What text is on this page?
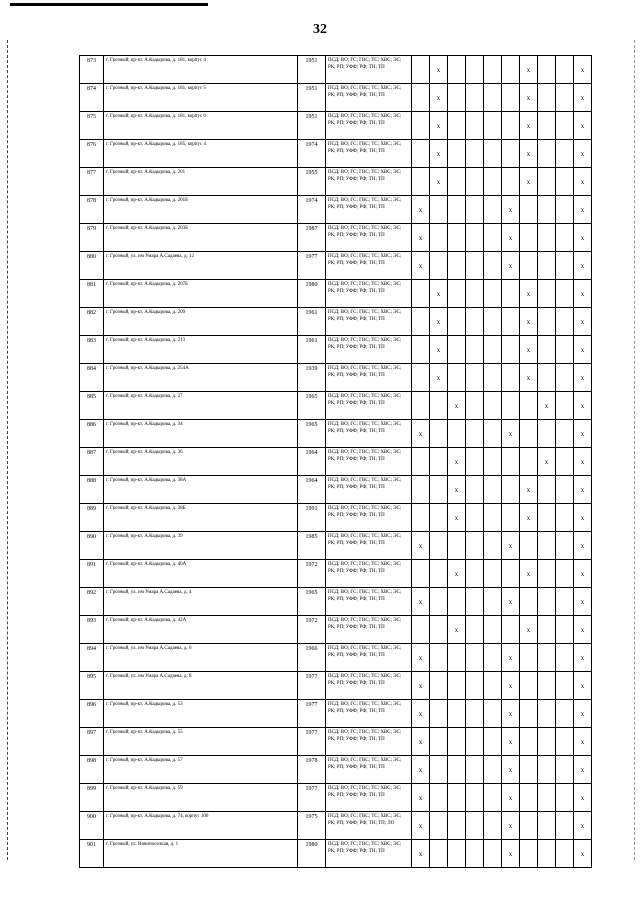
32
873	г. Грозный, пр-кт. А.Кадырова, д. 181, корпус 4	1951	ПСД; ВО; ГС; ГВС; ТС; ХВС; ЭС; РК; РП; УФФ; РФ; ТН; ТП		x					x			x
874	г. Грозный, пр-кт. А.Кадырова, д. 181, корпус 5	1951	ПСД; ВО; ГС; ГВС; ТС; ХВС; ЭС; РК; РП; УФФ; РФ; ТН; ТП		x					x			x
875	г. Грозный, пр-кт. А.Кадырова, д. 181, корпус 6	1951	ПСД; ВО; ГС; ГВС; ТС; ХВС; ЭС; РК; РП; УФФ; РФ; ТН; ТП		x					x			x
876	г. Грозный, пр-кт. А.Кадырова, д. 185, корпус 4	1974	ПСД; ВО; ГС; ГВС; ТС; ХВС; ЭС; РК; РП; УФФ; РФ; ТН; ТП		x					x			x
877	г. Грозный, пр-кт. А.Кадырова, д. 201	1955	ПСД; ВО; ГС; ГВС; ТС; ХВС; ЭС; РК; РП; УФФ; РФ; ТН; ТП		x					x			x
878	г. Грозный, пр-кт. А.Кадырова, д. 201Б	1974	ПСД; ВО; ГС; ГВС; ТС; ХВС; ЭС; РК; РП; УФФ; РФ; ТН; ТП	x					x				x
879	г. Грозный, пр-кт. А.Кадырова, д. 203Б	1987	ПСД; ВО; ГС; ГВС; ТС; ХВС; ЭС; РК; РП; УФФ; РФ; ТН; ТП	x					x				x
880	г. Грозный, ул. им Умара А.Садаева, д. 12	1977	ПСД; ВО; ГС; ГВС; ТС; ХВС; ЭС; РК; РП; УФФ; РФ; ТН; ТП	x					x				x
881	г. Грозный, пр-кт. А.Кадырова, д. 207Б	1980	ПСД; ВО; ГС; ГВС; ТС; ХВС; ЭС; РК; РП; УФФ; РФ; ТН; ТП		x					x			x
882	г. Грозный, пр-кт. А.Кадырова, д. 209	1961	ПСД; ВО; ГС; ГВС; ТС; ХВС; ЭС; РК; РП; УФФ; РФ; ТН; ТП		x					x			x
883	г. Грозный, пр-кт. А.Кадырова, д. 213	1961	ПСД; ВО; ГС; ГВС; ТС; ХВС; ЭС; РК; РП; УФФ; РФ; ТН; ТП		x					x			x
884	г. Грозный, пр-кт. А.Кадырова, д. 254А	1939	ПСД; ВО; ГС; ГВС; ТС; ХВС; ЭС; РК; РП; УФФ; РФ; ТН; ТП		x					x			x
885	г. Грозный, пр-кт. А.Кадырова, д. 27	1965	ПСД; ВО; ГС; ГВС; ТС; ХВС; ЭС; РК; РП; УФФ; РФ; ТН; ТП			x					x		x
886	г. Грозный, пр-кт. А.Кадырова, д. 34	1965	ПСД; ВО; ГС; ГВС; ТС; ХВС; ЭС; РК; РП; УФФ; РФ; ТН; ТП	x					x				x
887	г. Грозный, пр-кт. А.Кадырова, д. 36	1964	ПСД; ВО; ГС; ГВС; ТС; ХВС; ЭС; РК; РП; УФФ; РФ; ТН; ТП			x					x		x
888	г. Грозный, пр-кт. А.Кадырова, д. 38А	1964	ПСД; ВО; ГС; ГВС; ТС; ХВС; ЭС; РК; РП; УФФ; РФ; ТН; ТП			x				x			x
889	г. Грозный, пр-кт. А.Кадырова, д. 38Б	1991	ПСД; ВО; ГС; ГВС; ТС; ХВС; ЭС; РК; РП; УФФ; РФ; ТН; ТП			x				x			x
890	г. Грозный, пр-кт. А.Кадырова, д. 39	1985	ПСД; ВО; ГС; ГВС; ТС; ХВС; ЭС; РК; РП; УФФ; РФ; ТН; ТП	x					x				x
891	г. Грозный, пр-кт. А.Кадырова, д. 40А	1972	ПСД; ВО; ГС; ГВС; ТС; ХВС; ЭС; РК; РП; УФФ; РФ; ТН; ТП			x				x			x
892	г. Грозный, ул. им Умара А.Садаева, д. 4	1965	ПСД; ВО; ГС; ГВС; ТС; ХВС; ЭС; РК; РП; УФФ; РФ; ТН; ТП	x					x				x
893	г. Грозный, пр-кт. А.Кадырова, д. 42А	1972	ПСД; ВО; ГС; ГВС; ТС; ХВС; ЭС; РК; РП; УФФ; РФ; ТН; ТП			x				x			x
894	г. Грозный, ул. им Умара А.Садаева, д. 6	1966	ПСД; ВО; ГС; ГВС; ТС; ХВС; ЭС; РК; РП; УФФ; РФ; ТН; ТП	x					x				x
895	г. Грозный, ул. им Умара А.Садаева, д. 8	1977	ПСД; ВО; ГС; ГВС; ТС; ХВС; ЭС; РК; РП; УФФ; РФ; ТН; ТП	x					x				x
896	г. Грозный, пр-кт. А.Кадырова, д. 53	1977	ПСД; ВО; ГС; ГВС; ТС; ХВС; ЭС; РК; РП; УФФ; РФ; ТН; ТП	x					x				x
897	г. Грозный, пр-кт. А.Кадырова, д. 55	1977	ПСД; ВО; ГС; ГВС; ТС; ХВС; ЭС; РК; РП; УФФ; РФ; ТН; ТП	x					x				x
898	г. Грозный, пр-кт. А.Кадырова, д. 57	1978	ПСД; ВО; ГС; ГВС; ТС; ХВС; ЭС; РК; РП; УФФ; РФ; ТН; ТП	x					x				x
899	г. Грозный, пр-кт. А.Кадырова, д. 59	1977	ПСД; ВО; ГС; ГВС; ТС; ХВС; ЭС; РК; РП; УФФ; РФ; ТН; ТП	x					x				x
900	г. Грозный, пр-кт. А.Кадырова, д. 74, корпус 100	1975	ПСД; ВО; ГС; ГВС; ТС; ХВС; ЭС; РК; РП; УФФ; РФ; ТН; ТП; ЛО	x					x				x
901	г. Грозный, ул. Новопоселкая, д. 1	1980	ПСД; ВО; ГС; ГВС; ТС; ХВС; ЭС; РК; РП; УФФ; РФ; ТН; ТП	x					x				x
